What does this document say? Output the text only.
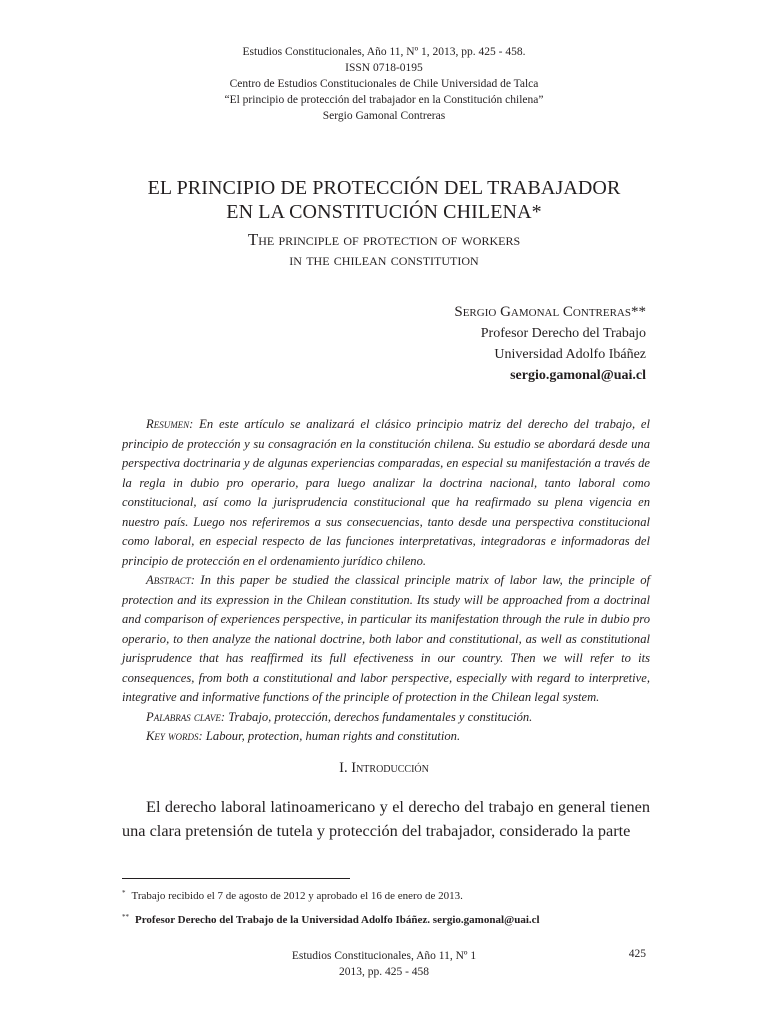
Estudios Constitucionales, Año 11, Nº 1, 2013, pp. 425 - 458.
ISSN 0718-0195
Centro de Estudios Constitucionales de Chile Universidad de Talca
“El principio de protección del trabajador en la Constitución chilena”
Sergio Gamonal Contreras
EL PRINCIPIO DE PROTECCIÓN DEL TRABAJADOR
EN LA CONSTITUCIÓN CHILENA*
The principle of protection of workers
in the chilean constitution
Sergio Gamonal Contreras**
Profesor Derecho del Trabajo
Universidad Adolfo Ibáñez
sergio.gamonal@uai.cl

Resumen: En este artículo se analizará el clásico principio matriz del derecho del trabajo, el principio de protección y su consagración en la constitución chilena. Su estudio se abordará desde una perspectiva doctrinaria y de algunas experiencias comparadas, en especial su manifestación a través de la regla in dubio pro operario, para luego analizar la doctrina nacional, tanto laboral como constitucional, así como la jurisprudencia constitucional que ha reafirmado su plena vigencia en nuestro país. Luego nos referiremos a sus consecuencias, tanto desde una perspectiva constitucional como laboral, en especial respecto de las funciones interpretativas, integradoras e informadoras del principio de protección en el ordenamiento jurídico chileno.

Abstract: In this paper be studied the classical principle matrix of labor law, the principle of protection and its expression in the Chilean constitution. Its study will be approached from a doctrinal and comparison of experiences perspective, in particular its manifestation through the rule in dubio pro operario, to then analyze the national doctrine, both labor and constitutional, as well as constitutional jurisprudence that has reaffirmed its full efectiveness in our country. Then we will refer to its consequences, from both a constitutional and labor perspective, especially with regard to interpretive, integrative and informative functions of the principle of protection in the Chilean legal system.

Palabras clave: Trabajo, protección, derechos fundamentales y constitución.

Key words: Labour, protection, human rights and constitution.

I. Introducción

El derecho laboral latinoamericano y el derecho del trabajo en general tienen una clara pretensión de tutela y protección del trabajador, considerado la parte

* Trabajo recibido el 7 de agosto de 2012 y aprobado el 16 de enero de 2013.

** Profesor Derecho del Trabajo de la Universidad Adolfo Ibáñez. sergio.gamonal@uai.cl

Estudios Constitucionales, Año 11, Nº 1
2013, pp. 425 - 458
425
